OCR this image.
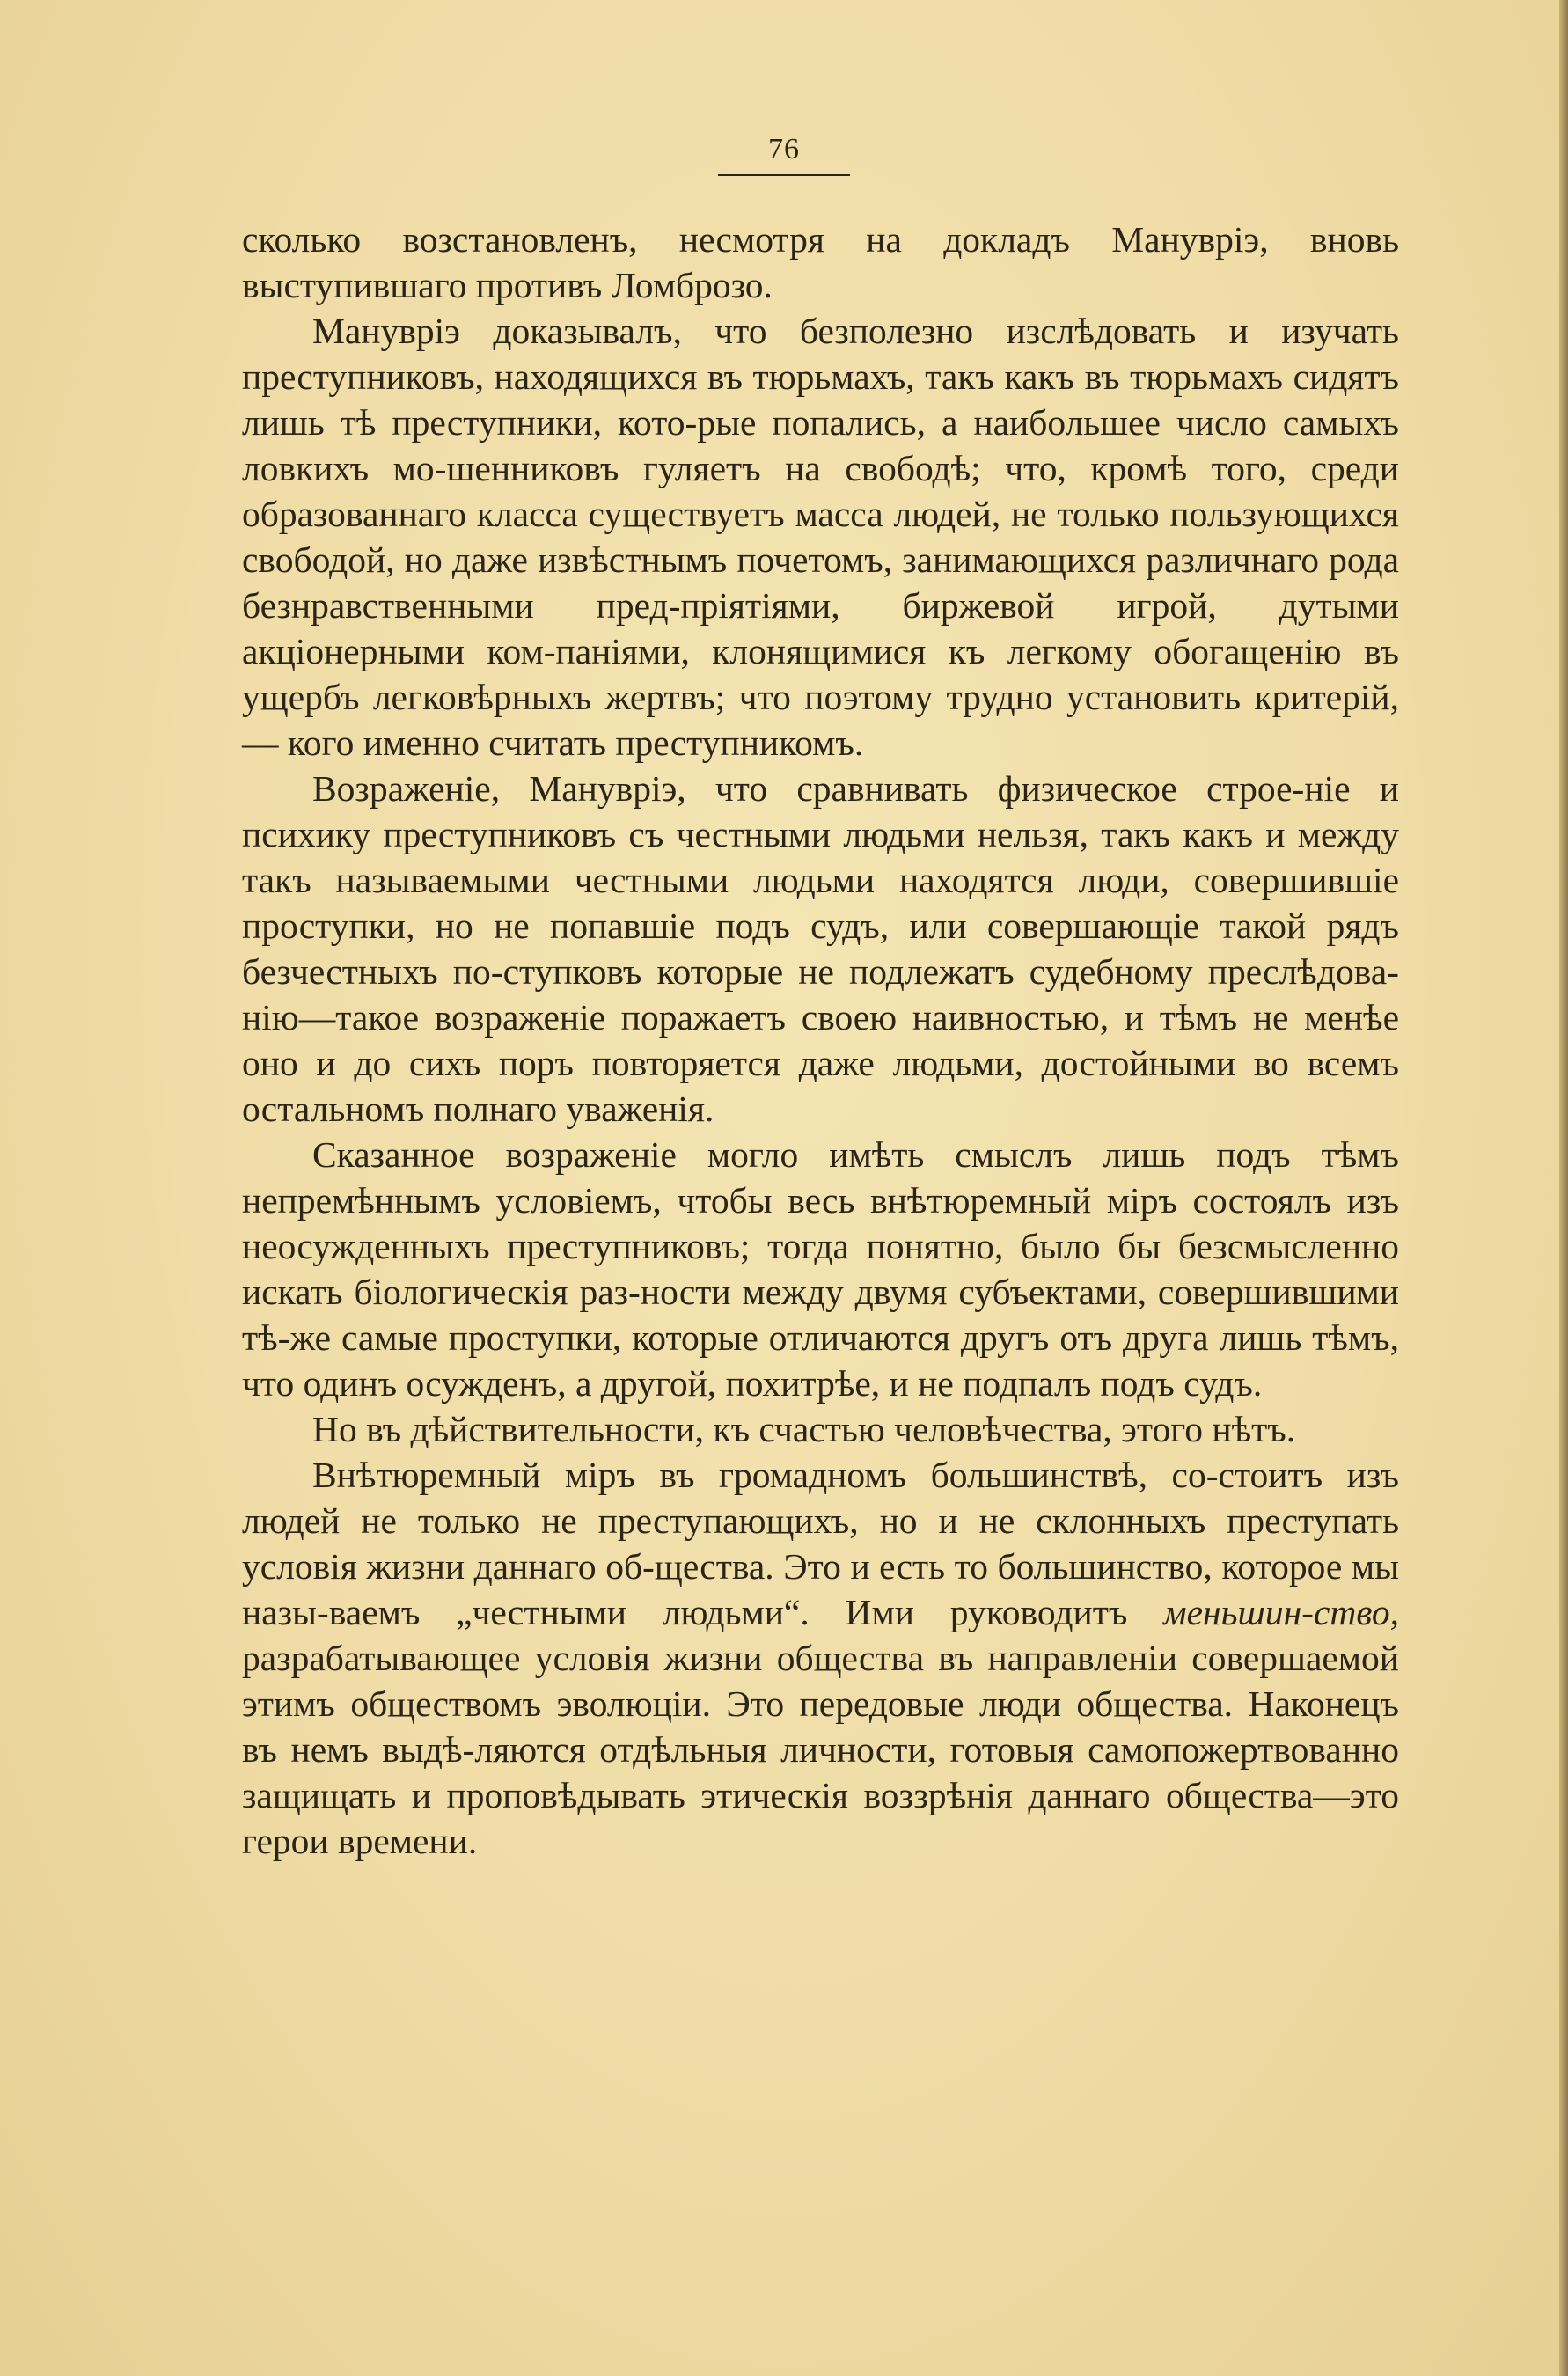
76

сколько возстановленъ, несмотря на докладъ Манувріэ, вновь выступившаго противъ Ломброзо.

Манувріэ доказывалъ, что безполезно изслѣдовать и изучать преступниковъ, находящихся въ тюрьмахъ, такъ какъ въ тюрьмахъ сидятъ лишь тѣ преступники, кото-рые попались, а наибольшее число самыхъ ловкихъ мо-шенниковъ гуляетъ на свободѣ; что, кромѣ того, среди образованнаго класса существуетъ масса людей, не только пользующихся свободой, но даже извѣстнымъ почетомъ, занимающихся различнаго рода безнравственными пред-пріятіями, биржевой игрой, дутыми акціонерными ком-паніями, клонящимися къ легкому обогащенію въ ущербъ легковѣрныхъ жертвъ; что поэтому трудно установить критерій, — кого именно считать преступникомъ.

Возраженіе, Манувріэ, что сравнивать физическое строе-ніе и психику преступниковъ съ честными людьми нельзя, такъ какъ и между такъ называемыми честными людьми находятся люди, совершившіе проступки, но не попавшіе подъ судъ, или совершающіе такой рядъ безчестныхъ по-ступковъ которые не подлежатъ судебному преслѣдова-нію—такое возраженіе поражаетъ своею наивностью, и тѣмъ не менѣе оно и до сихъ поръ повторяется даже людьми, достойными во всемъ остальномъ полнаго уваженія.

Сказанное возраженіе могло имѣть смыслъ лишь подъ тѣмъ непремѣннымъ условіемъ, чтобы весь внѣтюремный міръ состоялъ изъ неосужденныхъ преступниковъ; тогда понятно, было бы безсмысленно искать біологическія раз-ности между двумя субъектами, совершившими тѣ-же самые проступки, которые отличаются другъ отъ друга лишь тѣмъ, что одинъ осужденъ, а другой, похитрѣе, и не подпалъ подъ судъ.

Но въ дѣйствительности, къ счастью человѣчества, этого нѣтъ.

Внѣтюремный міръ въ громадномъ большинствѣ, со-стоитъ изъ людей не только не преступающихъ, но и не склонныхъ преступать условія жизни даннаго об-щества. Это и есть то большинство, которое мы назы-ваемъ „честными людьми“. Ими руководитъ меньшин-ство, разрабатывающее условія жизни общества въ направленіи совершаемой этимъ обществомъ эволюціи. Это передовые люди общества. Наконецъ въ немъ выдѣ-ляются отдѣльныя личности, готовыя самопожертвованно защищать и проповѣдывать этическія воззрѣнія даннаго общества—это герои времени.
